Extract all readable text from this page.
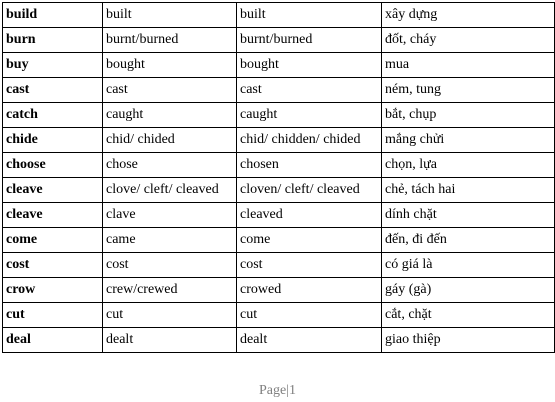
build	built	built	xây dựng
burn	burnt/burned	burnt/burned	đốt, cháy
buy	bought	bought	mua
cast	cast	cast	ném, tung
catch	caught	caught	bắt, chụp
chide	chid/ chided	chid/ chidden/ chided	mắng chửi
choose	chose	chosen	chọn, lựa
cleave	clove/ cleft/ cleaved	cloven/ cleft/ cleaved	chẻ, tách hai
cleave	clave	cleaved	dính chặt
come	came	come	đến, đi đến
cost	cost	cost	có giá là
crow	crew/crewed	crowed	gáy (gà)
cut	cut	cut	cắt, chặt
deal	dealt	dealt	giao thiệp
Page|1
